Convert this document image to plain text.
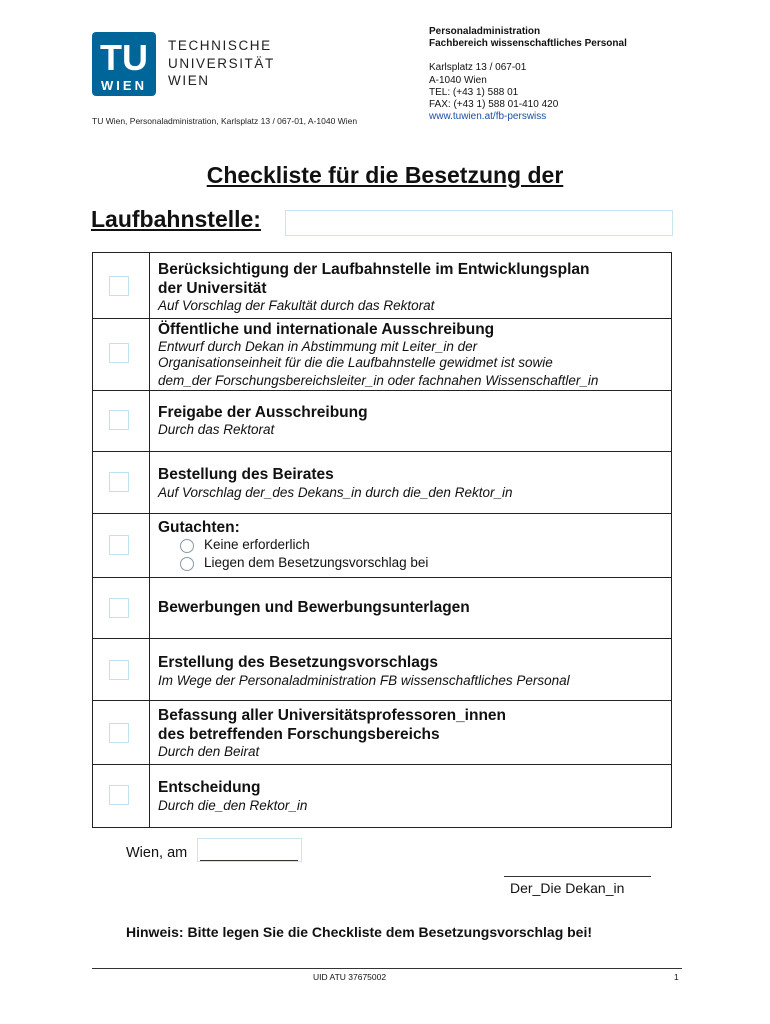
TU
WIEN
TECHNISCHE
UNIVERSITÄT
WIEN
TU Wien, Personaladministration, Karlsplatz 13 / 067-01, A-1040 Wien
Personaladministration
Fachbereich wissenschaftliches Personal
Karlsplatz 13 / 067-01
A-1040 Wien
TEL: (+43 1) 588 01
FAX: (+43 1) 588 01-410 420
www.tuwien.at/fb-perswiss
Checkliste für die Besetzung der
Laufbahnstelle:
Berücksichtigung der Laufbahnstelle im Entwicklungsplan
der Universität
Auf Vorschlag der Fakultät durch das Rektorat
Öffentliche und internationale Ausschreibung
Entwurf durch Dekan in Abstimmung mit Leiter_in der
Organisationseinheit für die die Laufbahnstelle gewidmet ist sowie
dem_der Forschungsbereichsleiter_in oder fachnahen Wissenschaftler_in
Freigabe der Ausschreibung
Durch das Rektorat
Bestellung des Beirates
Auf Vorschlag der_des Dekans_in durch die_den Rektor_in
Gutachten:
Keine erforderlich
Liegen dem Besetzungsvorschlag bei
Bewerbungen und Bewerbungsunterlagen
Erstellung des Besetzungsvorschlags
Im Wege der Personaladministration FB wissenschaftliches Personal
Befassung aller Universitätsprofessoren_innen
des betreffenden Forschungsbereichs
Durch den Beirat
Entscheidung
Durch die_den Rektor_in
Wien, am
Der_Die Dekan_in
Hinweis: Bitte legen Sie die Checkliste dem Besetzungsvorschlag bei!
UID ATU 37675002	1
